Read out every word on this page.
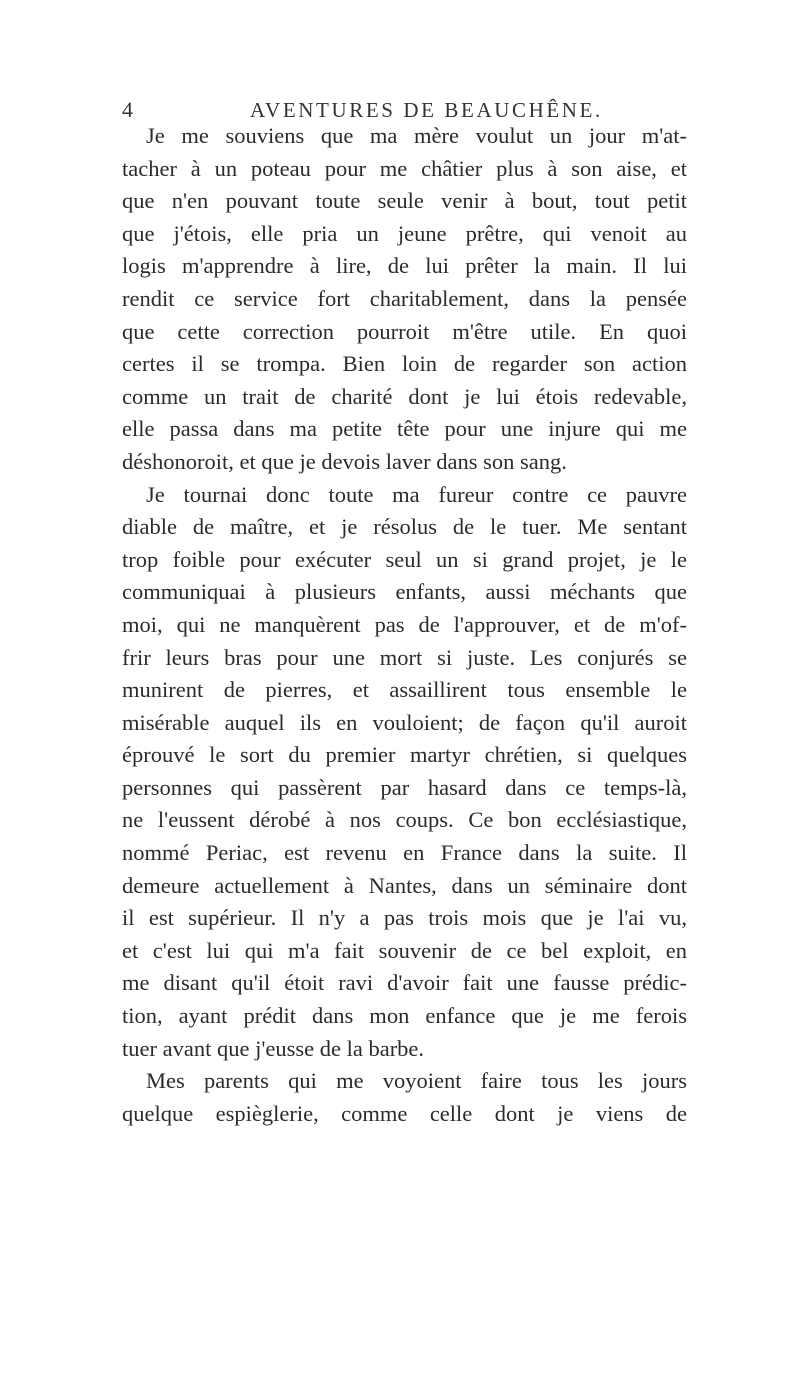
4	AVENTURES DE BEAUCHÊNE.
Je me souviens que ma mère voulut un jour m'at-
tacher à un poteau pour me châtier plus à son aise, et
que n'en pouvant toute seule venir à bout, tout petit
que j'étois, elle pria un jeune prêtre, qui venoit au
logis m'apprendre à lire, de lui prêter la main. Il lui
rendit ce service fort charitablement, dans la pensée
que cette correction pourroit m'être utile. En quoi
certes il se trompa. Bien loin de regarder son action
comme un trait de charité dont je lui étois redevable,
elle passa dans ma petite tête pour une injure qui me
déshonoroit, et que je devois laver dans son sang.
Je tournai donc toute ma fureur contre ce pauvre
diable de maître, et je résolus de le tuer. Me sentant
trop foible pour exécuter seul un si grand projet, je le
communiquai à plusieurs enfants, aussi méchants que
moi, qui ne manquèrent pas de l'approuver, et de m'of-
frir leurs bras pour une mort si juste. Les conjurés se
munirent de pierres, et assaillirent tous ensemble le
misérable auquel ils en vouloient; de façon qu'il auroit
éprouvé le sort du premier martyr chrétien, si quelques
personnes qui passèrent par hasard dans ce temps-là,
ne l'eussent dérobé à nos coups. Ce bon ecclésiastique,
nommé Periac, est revenu en France dans la suite. Il
demeure actuellement à Nantes, dans un séminaire dont
il est supérieur. Il n'y a pas trois mois que je l'ai vu,
et c'est lui qui m'a fait souvenir de ce bel exploit, en
me disant qu'il étoit ravi d'avoir fait une fausse prédic-
tion, ayant prédit dans mon enfance que je me ferois
tuer avant que j'eusse de la barbe.
Mes parents qui me voyoient faire tous les jours
quelque espièglerie, comme celle dont je viens de
